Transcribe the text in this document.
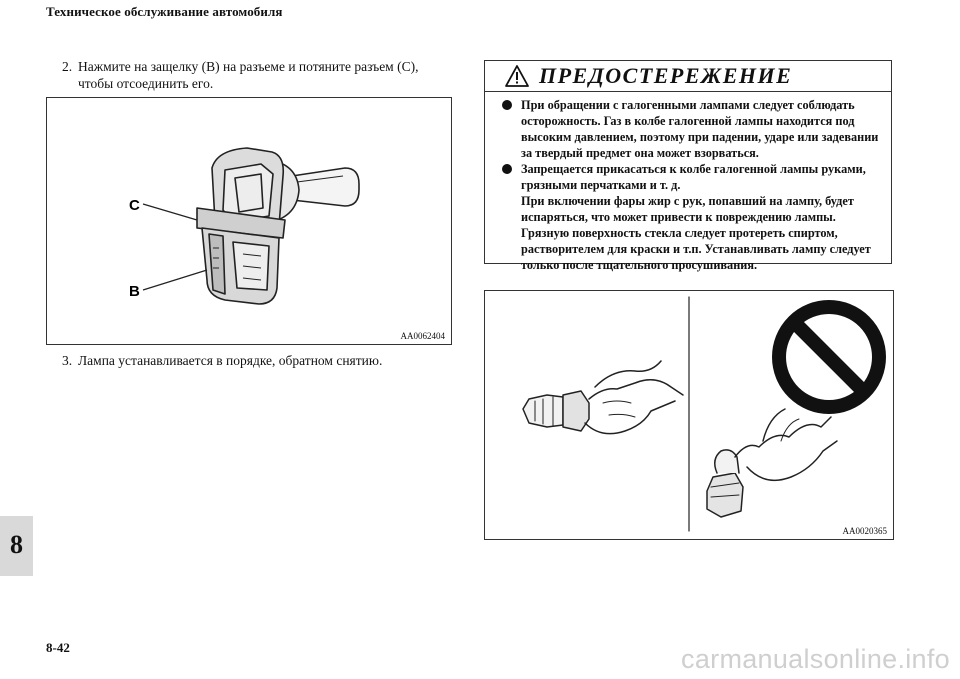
Техническое обслуживание автомобиля
2. Нажмите на защелку (B) на разъеме и потяните разъем (C),
чтобы отсоединить его.
C
B
AA0062404
3. Лампа устанавливается в порядке, обратном снятию.
ПРЕДОСТЕРЕЖЕНИЕ
При обращении с галогенными лампами следует соблюдать
осторожность. Газ в колбе галогенной лампы находится под
высоким давлением, поэтому при падении, ударе или задевании
за твердый предмет она может взорваться.
Запрещается прикасаться к колбе галогенной лампы руками,
грязными перчатками и т. д.
При включении фары жир с рук, попавший на лампу, будет
испаряться, что может привести к повреждению лампы.
Грязную поверхность стекла следует протереть спиртом,
растворителем для краски и т.п. Устанавливать лампу следует
только после тщательного просушивания.
AA0020365
8
8-42	carmanualsonline.info
